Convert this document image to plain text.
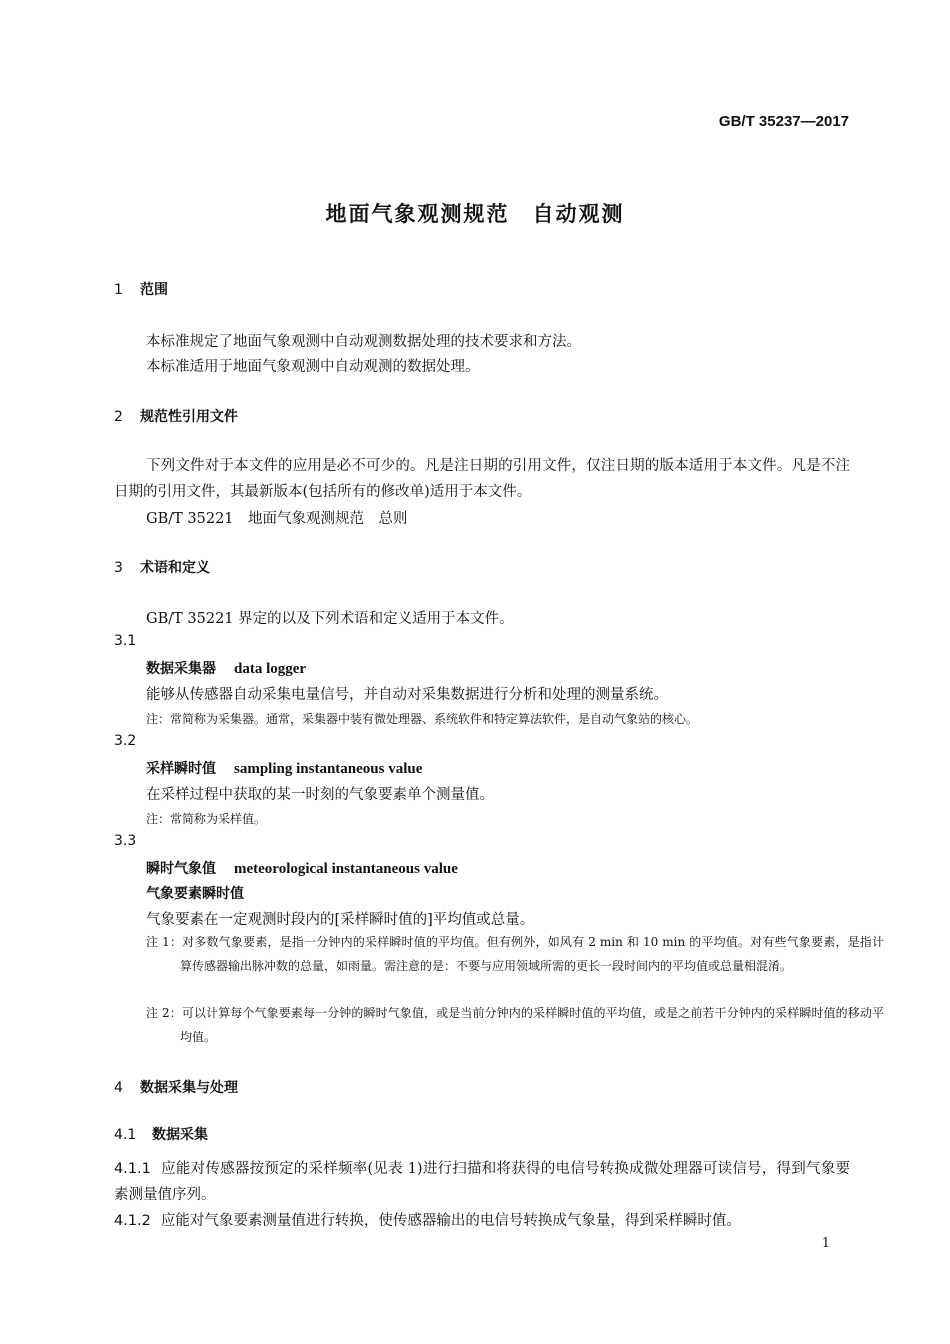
GB/T 35237—2017
地面气象观测规范　自动观测
1 范围
本标准规定了地面气象观测中自动观测数据处理的技术要求和方法。
本标准适用于地面气象观测中自动观测的数据处理。
2 规范性引用文件
下列文件对于本文件的应用是必不可少的。凡是注日期的引用文件，仅注日期的版本适用于本文件。凡是不注日期的引用文件，其最新版本(包括所有的修改单)适用于本文件。
GB/T 35221　地面气象观测规范　总则
3 术语和定义
GB/T 35221 界定的以及下列术语和定义适用于本文件。
3.1
数据采集器 data logger
能够从传感器自动采集电量信号，并自动对采集数据进行分析和处理的测量系统。
注：常简称为采集器。通常，采集器中装有微处理器、系统软件和特定算法软件，是自动气象站的核心。
3.2
采样瞬时值 sampling instantaneous value
在采样过程中获取的某一时刻的气象要素单个测量值。
注：常简称为采样值。
3.3
瞬时气象值 meteorological instantaneous value
气象要素瞬时值
气象要素在一定观测时段内的[采样瞬时值的]平均值或总量。
注 1：对多数气象要素，是指一分钟内的采样瞬时值的平均值。但有例外，如风有 2 min 和 10 min 的平均值。对有些气象要素，是指计算传感器输出脉冲数的总量，如雨量。需注意的是：不要与应用领域所需的更长一段时间内的平均值或总量相混淆。
注 2：可以计算每个气象要素每一分钟的瞬时气象值，或是当前分钟内的采样瞬时值的平均值，或是之前若干分钟内的采样瞬时值的移动平均值。
4 数据采集与处理
4.1 数据采集
4.1.1 应能对传感器按预定的采样频率(见表 1)进行扫描和将获得的电信号转换成微处理器可读信号，得到气象要素测量值序列。
4.1.2 应能对气象要素测量值进行转换，使传感器输出的电信号转换成气象量，得到采样瞬时值。
1
